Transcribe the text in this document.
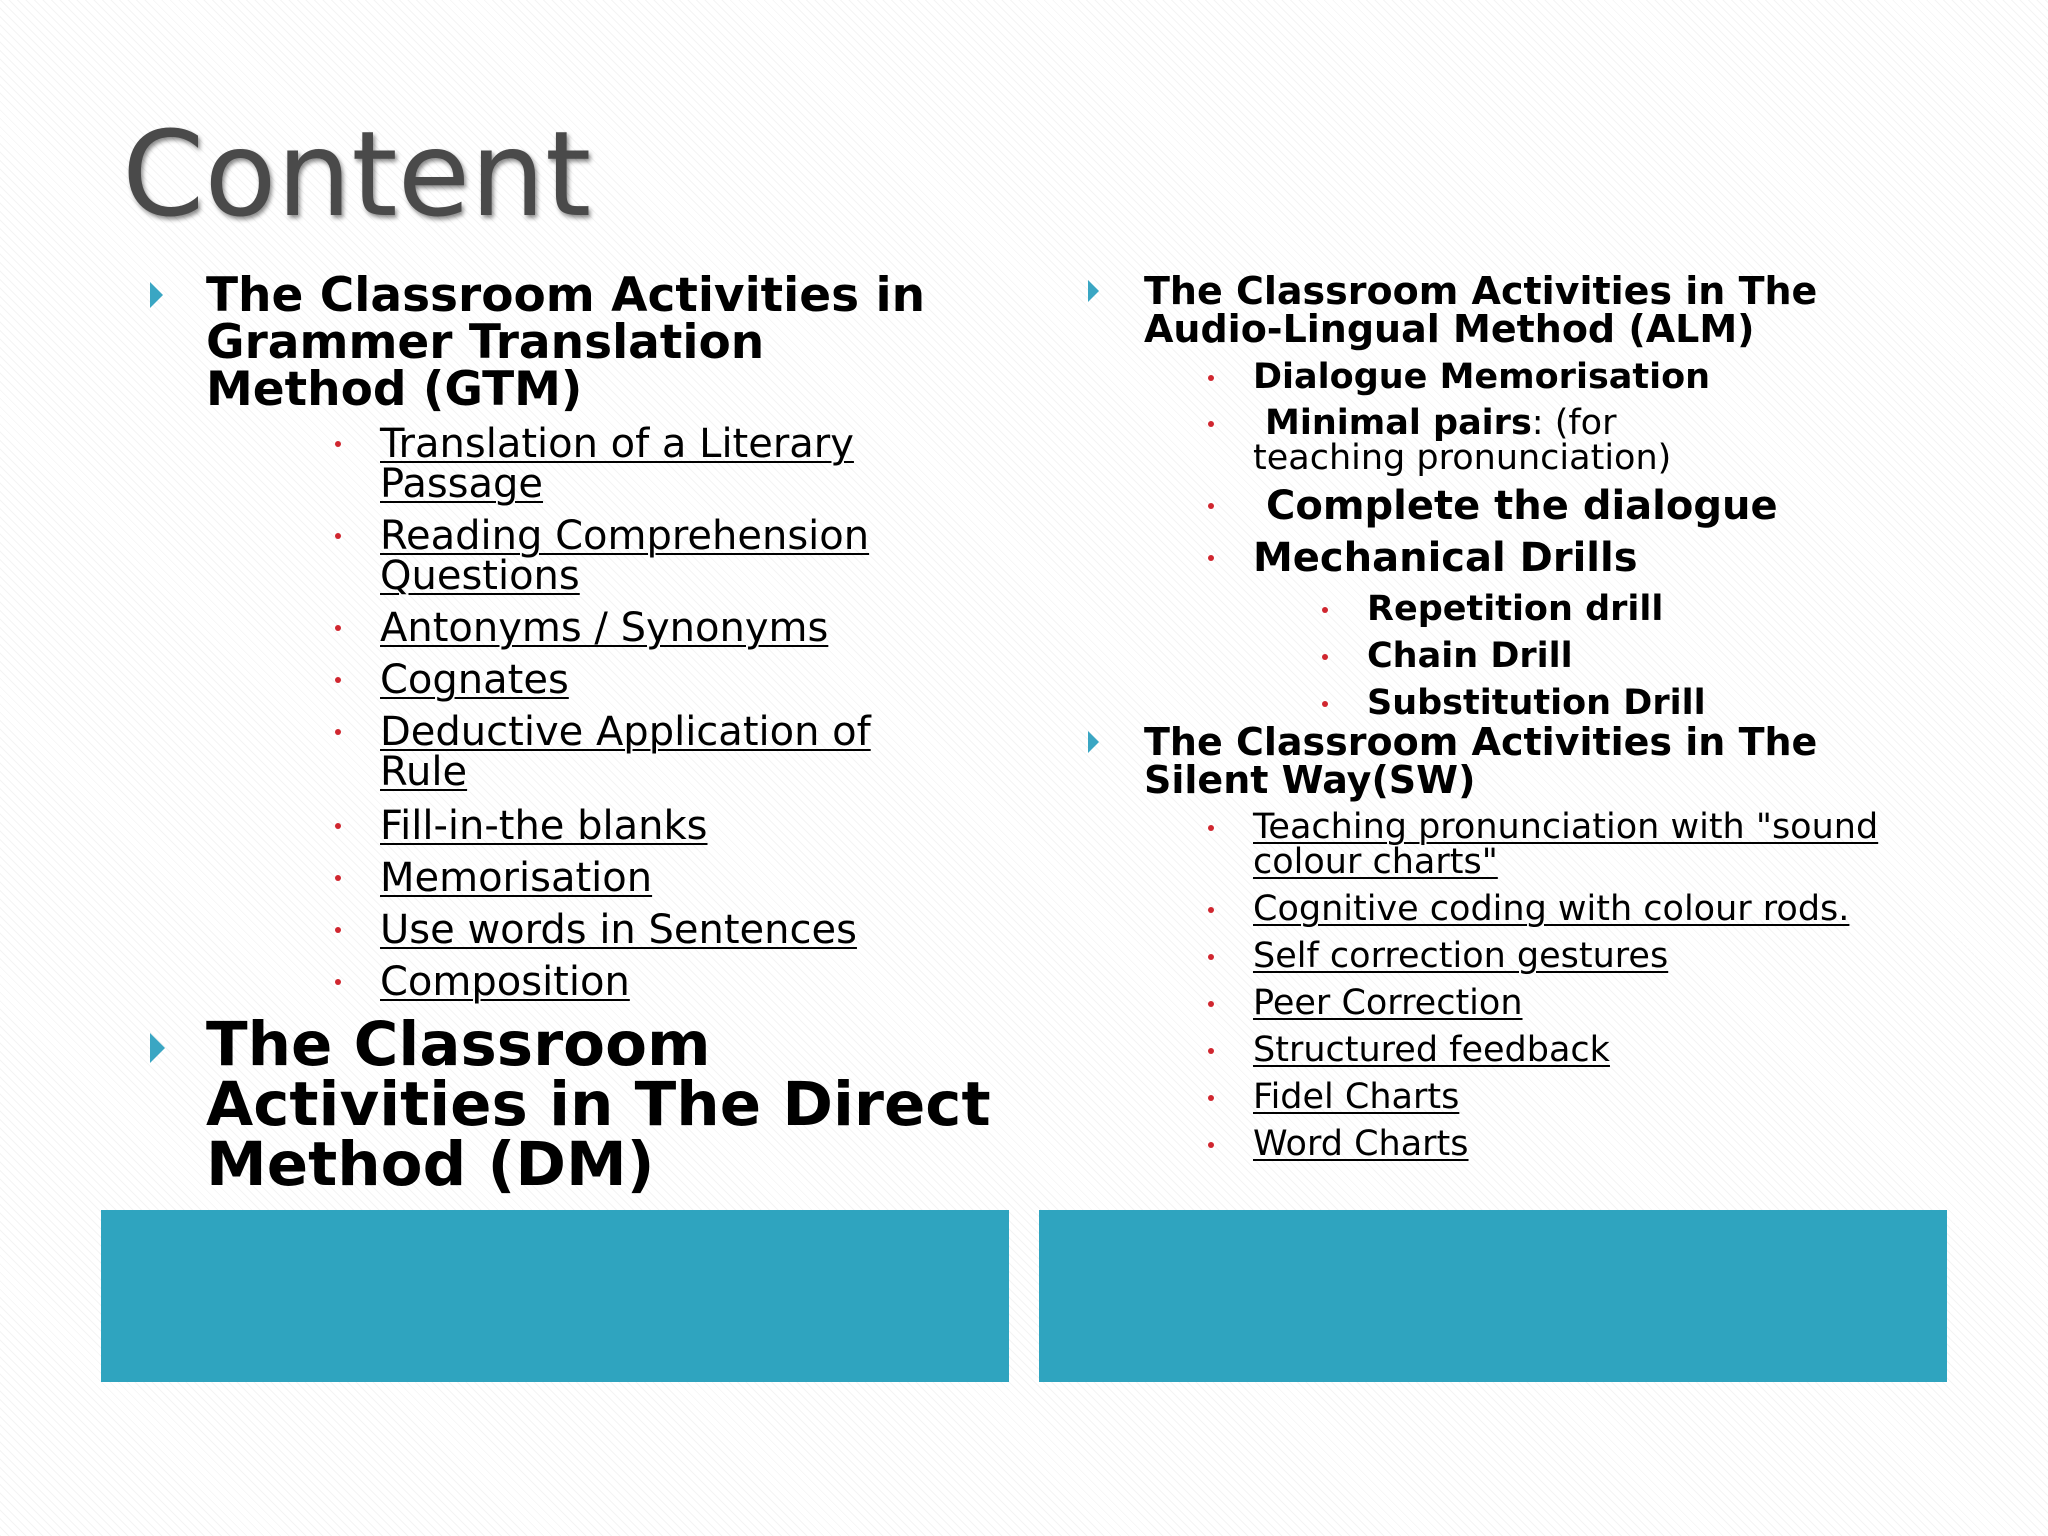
Content
The Classroom Activities in Grammer Translation Method (GTM)
Translation of a Literary Passage
Reading Comprehension Questions
Antonyms / Synonyms
Cognates
Deductive Application of Rule
Fill-in-the blanks
Memorisation
Use words in Sentences
Composition
The Classroom Activities in The Direct Method (DM)
The Classroom Activities in The Audio-Lingual Method (ALM)
Dialogue Memorisation
Minimal pairs: (for teaching pronunciation)
Complete the dialogue
Mechanical Drills
Repetition drill
Chain Drill
Substitution Drill
The Classroom Activities in The Silent Way(SW)
Teaching pronunciation with "sound colour charts"
Cognitive coding with colour rods.
Self correction gestures
Peer Correction
Structured feedback
Fidel Charts
Word Charts
